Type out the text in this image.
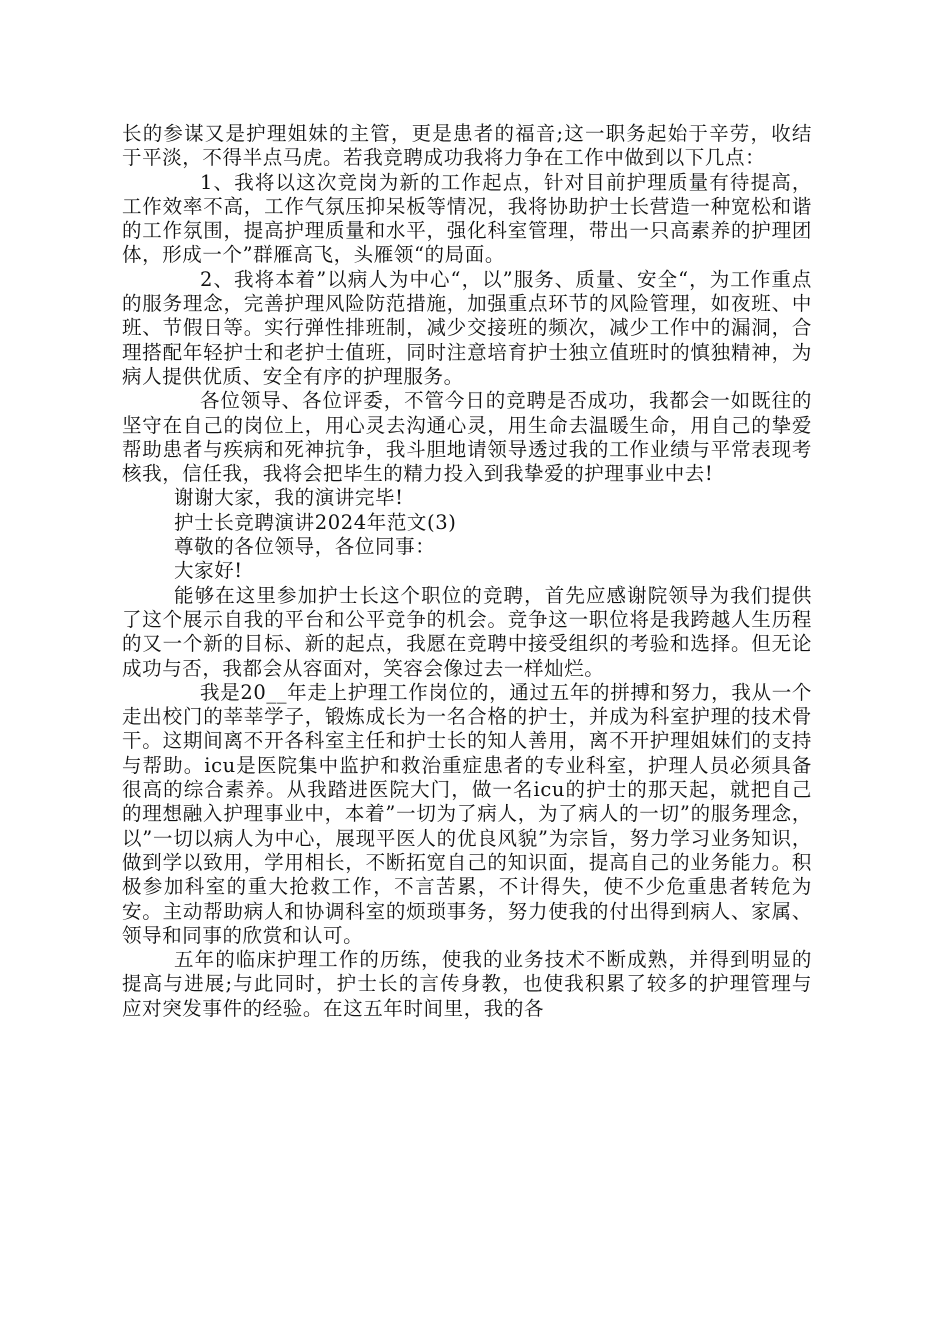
长的参谋又是护理姐妹的主管，更是患者的福音;这一职务起始于辛劳，收结于平淡，不得半点马虎。若我竞聘成功我将力争在工作中做到以下几点：

1、我将以这次竞岗为新的工作起点，针对目前护理质量有待提高，工作效率不高，工作气氛压抑呆板等情况，我将协助护士长营造一种宽松和谐的工作氛围，提高护理质量和水平，强化科室管理，带出一只高素养的护理团体，形成一个”群雁高飞，头雁领“的局面。

2、我将本着”以病人为中心“，以”服务、质量、安全“，为工作重点的服务理念，完善护理风险防范措施，加强重点环节的风险管理，如夜班、中班、节假日等。实行弹性排班制，减少交接班的频次，减少工作中的漏洞，合理搭配年轻护士和老护士值班，同时注意培育护士独立值班时的慎独精神，为病人提供优质、安全有序的护理服务。

各位领导、各位评委，不管今日的竞聘是否成功，我都会一如既往的坚守在自己的岗位上，用心灵去沟通心灵，用生命去温暖生命，用自己的挚爱帮助患者与疾病和死神抗争，我斗胆地请领导透过我的工作业绩与平常表现考核我，信任我，我将会把毕生的精力投入到我挚爱的护理事业中去!

谢谢大家，我的演讲完毕!

护士长竞聘演讲2024年范文(3)

尊敬的各位领导，各位同事：

大家好!

能够在这里参加护士长这个职位的竞聘，首先应感谢院领导为我们提供了这个展示自我的平台和公平竞争的机会。竞争这一职位将是我跨越人生历程的又一个新的目标、新的起点，我愿在竞聘中接受组织的考验和选择。但无论成功与否，我都会从容面对，笑容会像过去一样灿烂。

我是20__年走上护理工作岗位的，通过五年的拼搏和努力，我从一个走出校门的莘莘学子，锻炼成长为一名合格的护士，并成为科室护理的技术骨干。这期间离不开各科室主任和护士长的知人善用，离不开护理姐妹们的支持与帮助。icu是医院集中监护和救治重症患者的专业科室，护理人员必须具备很高的综合素养。从我踏进医院大门，做一名icu的护士的那天起，就把自己的理想融入护理事业中，本着”一切为了病人，为了病人的一切”的服务理念，以”一切以病人为中心，展现平医人的优良风貌”为宗旨，努力学习业务知识，做到学以致用，学用相长，不断拓宽自己的知识面，提高自己的业务能力。积极参加科室的重大抢救工作，不言苦累，不计得失，使不少危重患者转危为安。主动帮助病人和协调科室的烦琐事务，努力使我的付出得到病人、家属、领导和同事的欣赏和认可。

五年的临床护理工作的历练，使我的业务技术不断成熟，并得到明显的提高与进展;与此同时，护士长的言传身教，也使我积累了较多的护理管理与应对突发事件的经验。在这五年时间里，我的各
